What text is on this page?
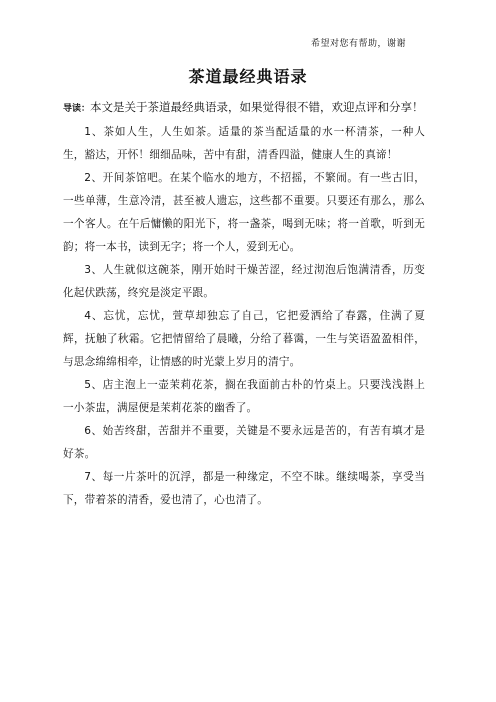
希望对您有帮助，谢谢
茶道最经典语录

导读：本文是关于茶道最经典语录，如果觉得很不错，欢迎点评和分享！

1、茶如人生，人生如茶。适量的茶当配适量的水一杯清茶，一种人生，豁达，开怀！细细品味，苦中有甜，清香四溢，健康人生的真谛！

2、开间茶馆吧。在某个临水的地方，不招摇，不繁闹。有一些古旧，一些单薄，生意冷清，甚至被人遗忘，这些都不重要。只要还有那么，那么一个客人。在午后慵懒的阳光下，将一盏茶，喝到无味；将一首歌，听到无韵；将一本书，读到无字；将一个人，爱到无心。

3、人生就似这碗茶，刚开始时干燥苦涩，经过沏泡后饱满清香，历变化起伏跌荡，终究是淡定平跟。

4、忘忧，忘忧，萱草却独忘了自己，它把爱洒给了春露，住满了夏辉，抚触了秋霜。它把情留给了晨曦，分给了暮霭，一生与笑语盈盈相伴，与思念绵绵相牵，让情感的时光蒙上岁月的清宁。

5、店主泡上一壶茉莉花茶，搁在我面前古朴的竹桌上。只要浅浅斟上一小茶盅，满屋便是茉莉花茶的幽香了。

6、始苦终甜，苦甜并不重要，关键是不要永远是苦的，有苦有填才是好茶。

7、每一片茶叶的沉浮，都是一种缘定，不空不昧。继续喝茶，享受当下，带着茶的清香，爱也清了，心也清了。
